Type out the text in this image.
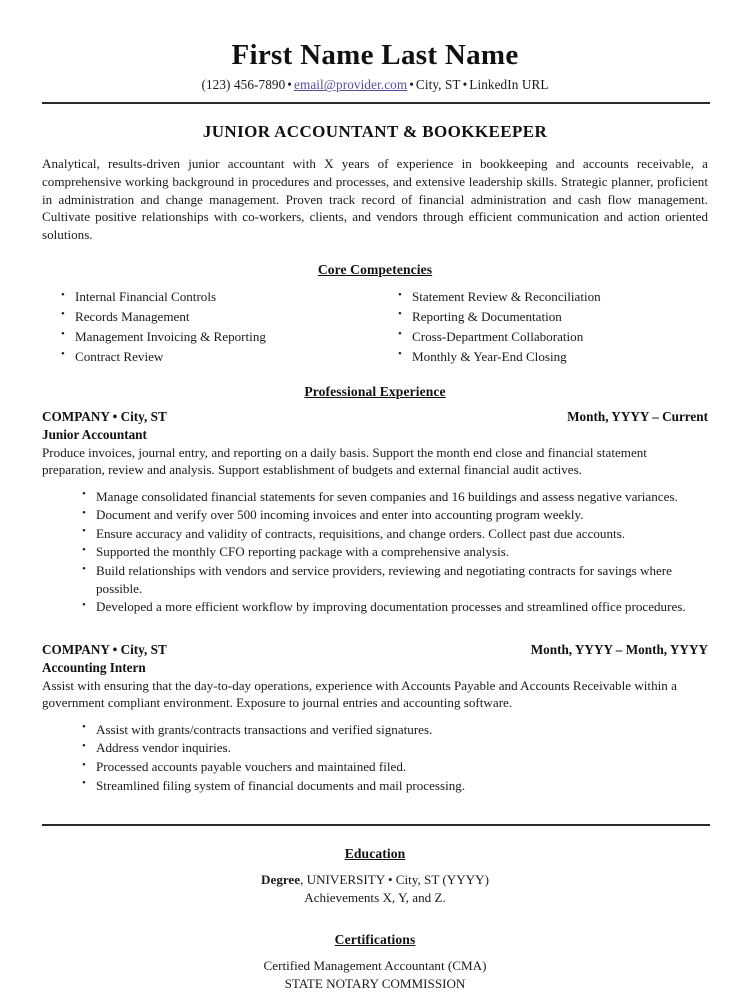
First Name Last Name
(123) 456-7890 • email@provider.com • City, ST • LinkedIn URL
JUNIOR ACCOUNTANT & BOOKKEEPER

Analytical, results-driven junior accountant with X years of experience in bookkeeping and accounts receivable, a comprehensive working background in procedures and processes, and extensive leadership skills. Strategic planner, proficient in administration and change management. Proven track record of financial administration and cash flow management. Cultivate positive relationships with co-workers, clients, and vendors through efficient communication and action oriented solutions.

Core Competencies
• Internal Financial Controls
• Records Management
• Management Invoicing & Reporting
• Contract Review
• Statement Review & Reconciliation
• Reporting & Documentation
• Cross-Department Collaboration
• Monthly & Year-End Closing
Professional Experience
COMPANY • City, ST	Month, YYYY – Current
Junior Accountant
Produce invoices, journal entry, and reporting on a daily basis. Support the month end close and financial statement preparation, review and analysis. Support establishment of budgets and external financial audit actives.
• Manage consolidated financial statements for seven companies and 16 buildings and assess negative variances.
• Document and verify over 500 incoming invoices and enter into accounting program weekly.
• Ensure accuracy and validity of contracts, requisitions, and change orders. Collect past due accounts.
• Supported the monthly CFO reporting package with a comprehensive analysis.
• Build relationships with vendors and service providers, reviewing and negotiating contracts for savings where possible.
• Developed a more efficient workflow by improving documentation processes and streamlined office procedures.
COMPANY • City, ST	Month, YYYY – Month, YYYY
Accounting Intern
Assist with ensuring that the day-to-day operations, experience with Accounts Payable and Accounts Receivable within a government compliant environment. Exposure to journal entries and accounting software.
• Assist with grants/contracts transactions and verified signatures.
• Address vendor inquiries.
• Processed accounts payable vouchers and maintained filed.
• Streamlined filing system of financial documents and mail processing.
Education
Degree, UNIVERSITY • City, ST (YYYY)
Achievements X, Y, and Z.
Certifications
Certified Management Accountant (CMA)
STATE NOTARY COMMISSION
